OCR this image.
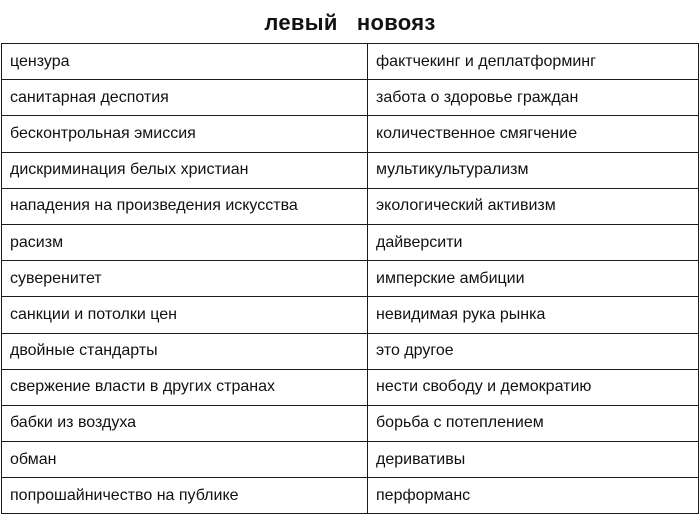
левый   новояз
цензура	фактчекинг и деплатформинг
санитарная деспотия	забота о здоровье граждан
бесконтрольная эмиссия	количественное смягчение
дискриминация белых христиан	мультикультурализм
нападения на произведения искусства	экологический активизм
расизм	дайверсити
суверенитет	имперские амбиции
санкции и потолки цен	невидимая рука рынка
двойные стандарты	это другое
свержение власти в других странах	нести свободу и демократию
бабки из воздуха	борьба с потеплением
обман	деривативы
попрошайничество на публике	перформанс
